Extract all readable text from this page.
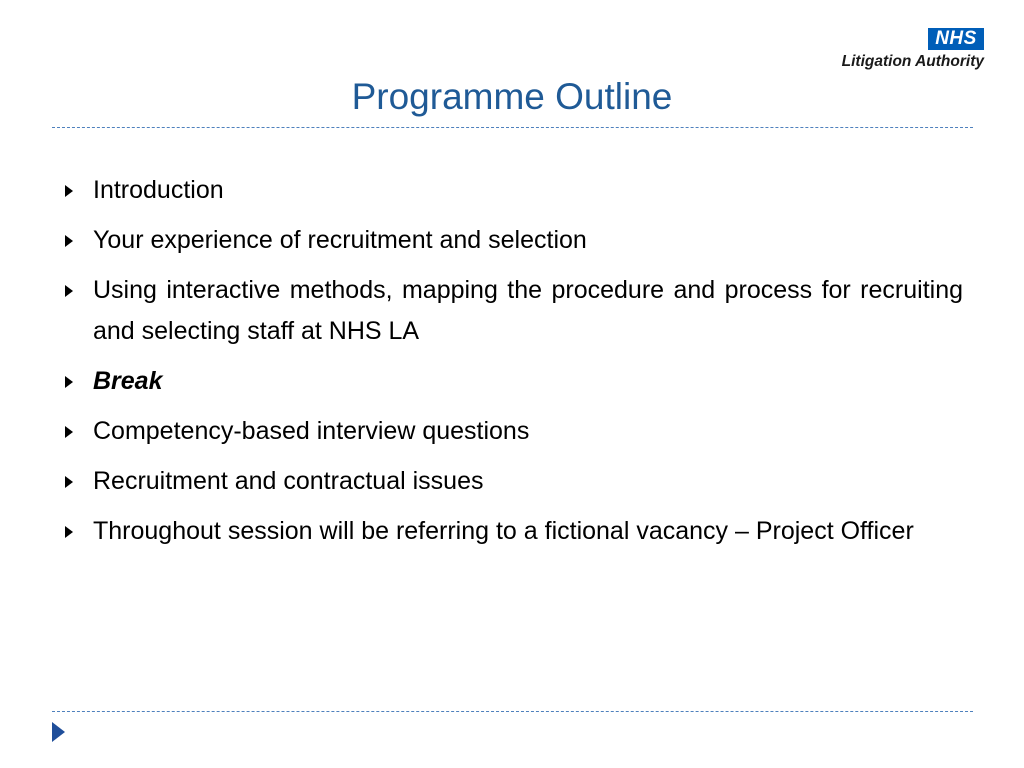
NHS
Litigation Authority
Programme Outline
Introduction
Your experience of recruitment and selection
Using interactive methods, mapping the procedure and process for recruiting and selecting staff at NHS LA
Break
Competency-based interview questions
Recruitment and contractual issues
Throughout session will be referring to a fictional vacancy – Project Officer
